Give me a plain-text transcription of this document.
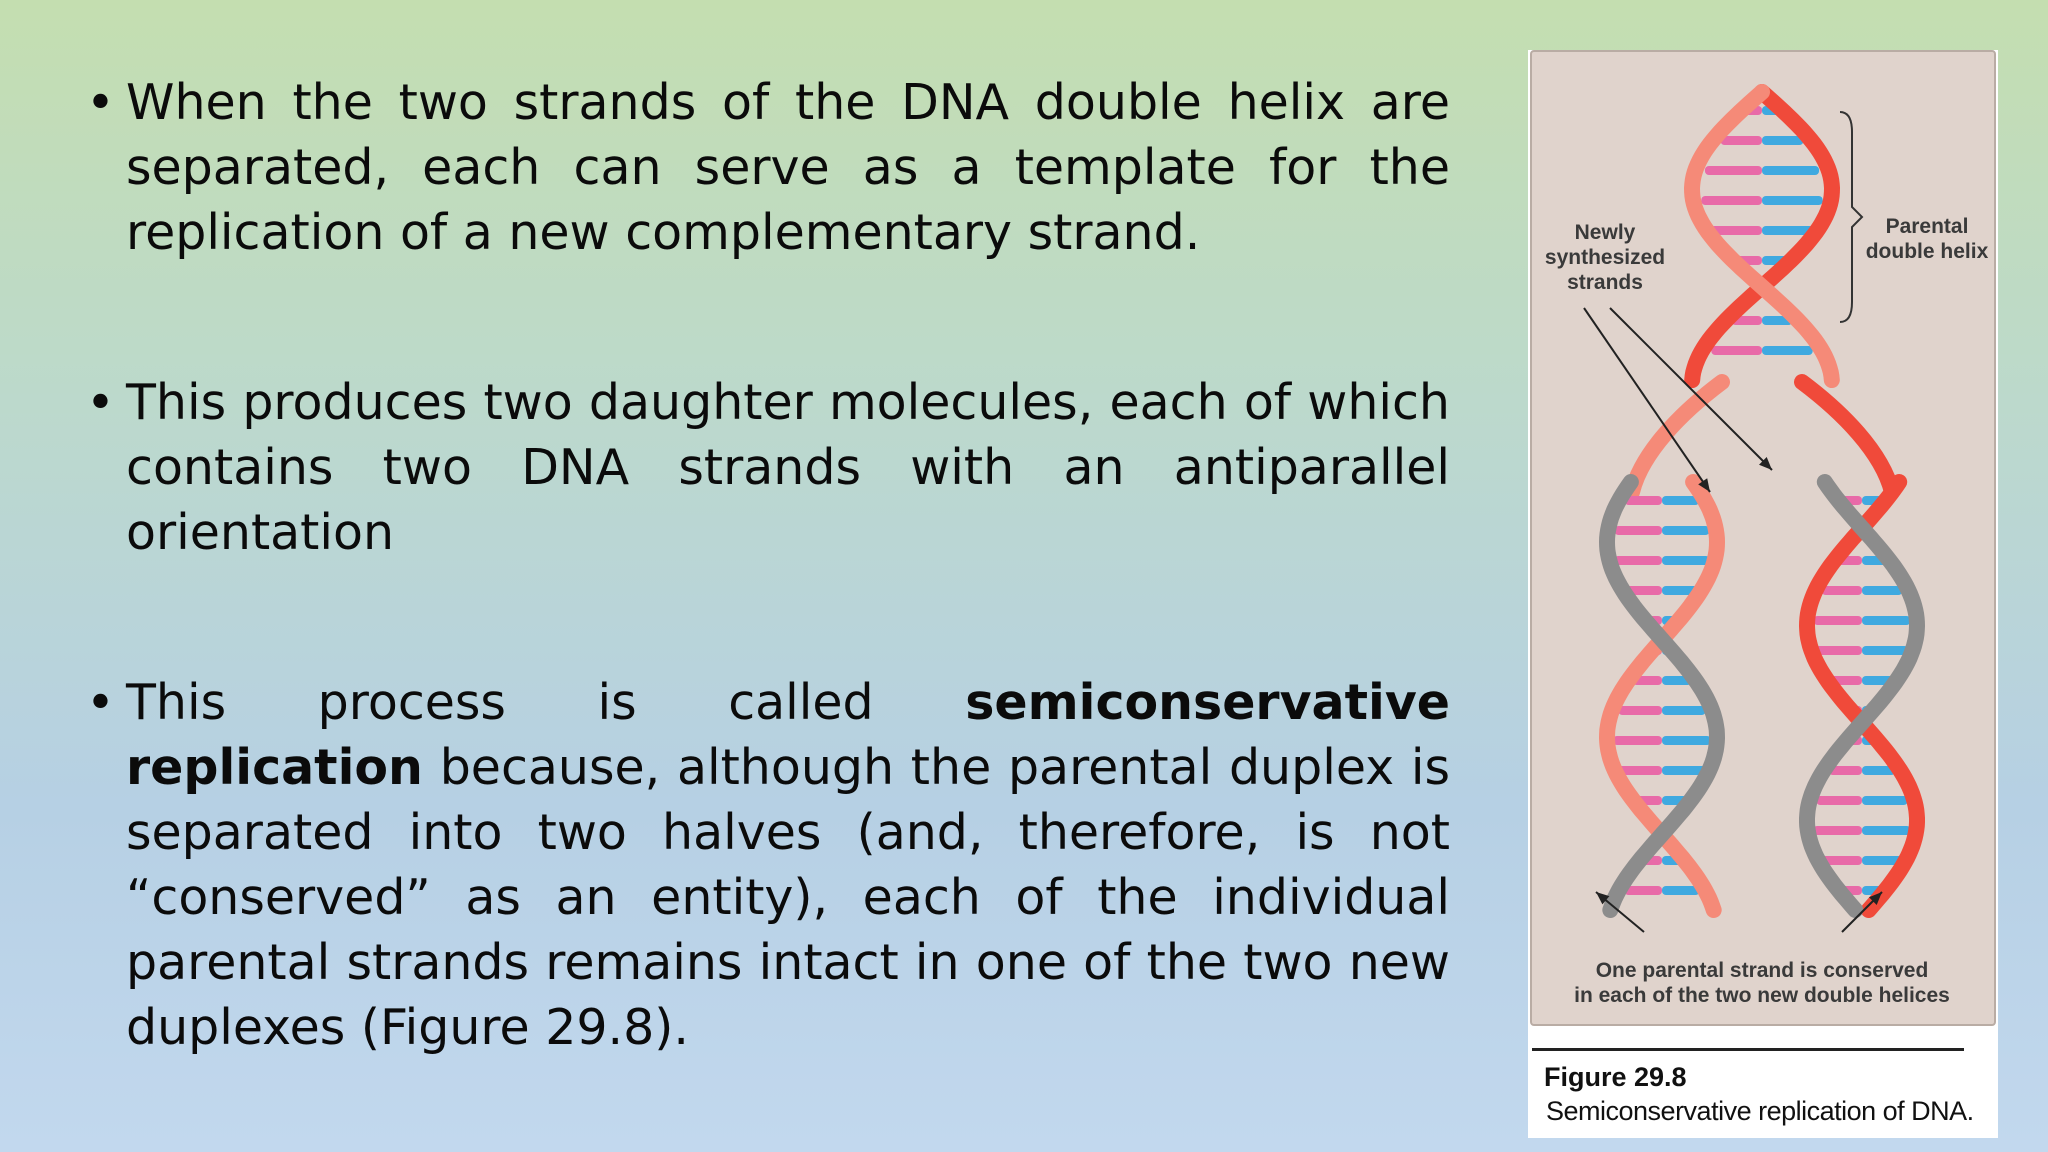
• When the two strands of the DNA double helix are separated, each can serve as a template for the replication of a new complementary strand.
• This produces two daughter molecules, each of which contains two DNA strands with an antiparallel orientation
• This process is called semiconservative replication because, although the parental duplex is separated into two halves (and, therefore, is not “conserved” as an entity), each of the individual parental strands remains intact in one of the two new duplexes (Figure 29.8).
Newly
synthesized
strands
Parental
double helix
One parental strand is conserved
in each of the two new double helices
Figure 29.8
Semiconservative replication of DNA.
